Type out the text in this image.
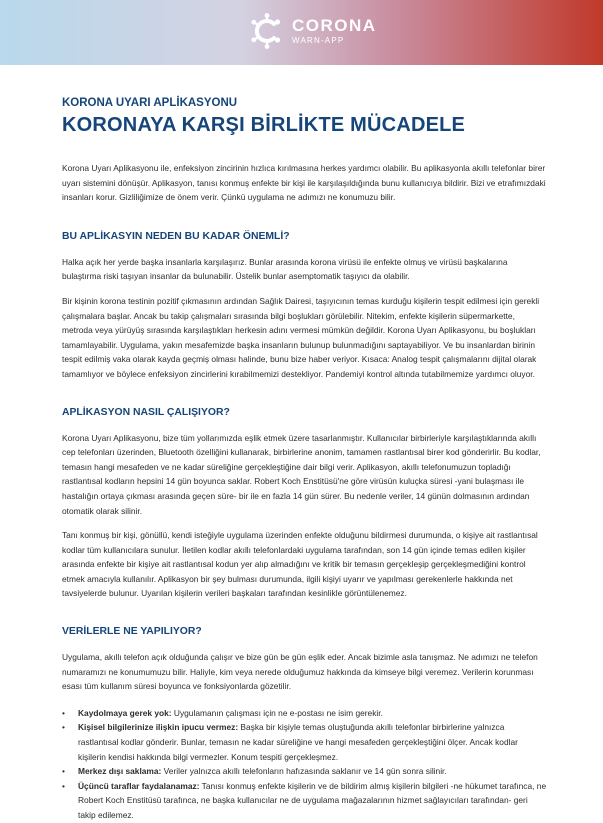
CORONA
WARN-APP
KORONA UYARI APLİKASYONU
KORONAYA KARŞI BİRLİKTE MÜCADELE

Korona Uyarı Aplikasyonu ile, enfeksiyon zincirinin hızlıca kırılmasına herkes yardımcı olabilir. Bu aplikasyonla akıllı telefonlar birer uyarı sistemini dönüşür. Aplikasyon, tanısı konmuş enfekte bir kişi ile karşılaşıldığında bunu kullanıcıya bildirir. Bizi ve etrafımızdaki insanları korur. Gizliliğimize de önem verir. Çünkü uygulama ne adımızı ne konumuzu bilir.

BU APLİKASYIN NEDEN BU KADAR ÖNEMLİ?

Halka açık her yerde başka insanlarla karşılaşırız. Bunlar arasında korona virüsü ile enfekte olmuş ve virüsü başkalarına bulaştırma riski taşıyan insanlar da bulunabilir. Üstelik bunlar asemptomatik taşıyıcı da olabilir.

Bir kişinin korona testinin pozitif çıkmasının ardından Sağlık Dairesi, taşıyıcının temas kurduğu kişilerin tespit edilmesi için gerekli çalışmalara başlar. Ancak bu takip çalışmaları sırasında bilgi boşlukları görülebilir. Nitekim, enfekte kişilerin süpermarkette, metroda veya yürüyüş sırasında karşılaştıkları herkesin adını vermesi mümkün değildir. Korona Uyarı Aplikasyonu, bu boşlukları tamamlayabilir. Uygulama, yakın mesafemizde başka insanların bulunup bulunmadığını saptayabiliyor. Ve bu insanlardan birinin tespit edilmiş vaka olarak kayda geçmiş olması halinde, bunu bize haber veriyor. Kısaca: Analog tespit çalışmalarını dijital olarak tamamlıyor ve böylece enfeksiyon zincirlerini kırabilmemizi destekliyor. Pandemiyi kontrol altında tutabilmemize yardımcı oluyor.

APLİKASYON NASIL ÇALIŞIYOR?

Korona Uyarı Aplikasyonu, bize tüm yollarımızda eşlik etmek üzere tasarlanmıştır. Kullanıcılar birbirleriyle karşılaştıklarında akıllı cep telefonları üzerinden, Bluetooth özelliğini kullanarak, birbirlerine anonim, tamamen rastlantısal birer kod gönderirlir. Bu kodlar, temasın hangi mesafeden ve ne kadar süreliğine gerçekleştiğine dair bilgi verir. Aplikasyon, akıllı telefonumuzun topladığı rastlantısal kodların hepsini 14 gün boyunca saklar. Robert Koch Enstitüsü'ne göre virüsün kuluçka süresi -yani bulaşması ile hastalığın ortaya çıkması arasında geçen süre- bir ile en fazla 14 gün sürer. Bu nedenle veriler, 14 günün dolmasının ardından otomatik olarak silinir.

Tanı konmuş bir kişi, gönüllü, kendi isteğiyle uygulama üzerinden enfekte olduğunu bildirmesi durumunda, o kişiye ait rastlantısal kodlar tüm kullanıcılara sunulur. İletilen kodlar akıllı telefonlardaki uygulama tarafından, son 14 gün içinde temas edilen kişiler arasında enfekte bir kişiye ait rastlantısal kodun yer alıp almadığını ve kritik bir temasın gerçekleşip gerçekleşmediğini kontrol etmek amacıyla kullanılır. Aplikasyon bir şey bulması durumunda, ilgili kişiyi uyarır ve yapılması gerekenlerle hakkında net tavsiyelerde bulunur. Uyarılan kişilerin verileri başkaları tarafından kesinlikle görüntülenemez.

VERİLERLE NE YAPILIYOR?

Uygulama, akıllı telefon açık olduğunda çalışır ve bize gün be gün eşlik eder. Ancak bizimle asla tanışmaz. Ne adımızı ne telefon numaramızı ne konumumuzu bilir. Haliyle, kim veya nerede olduğumuz hakkında da kimseye bilgi veremez. Verilerin korunması esası tüm kullanım süresi boyunca ve fonksiyonlarda gözetilir.

• Kaydolmaya gerek yok: Uygulamanın çalışması için ne e-postası ne isim gerekir.
• Kişisel bilgilerinize ilişkin ipucu vermez: Başka bir kişiyle temas oluştuğunda akıllı telefonlar birbirlerine yalnızca rastlantısal kodlar gönderir. Bunlar, temasın ne kadar süreliğine ve hangi mesafeden gerçekleştiğini ölçer. Ancak kodlar kişilerin kendisi hakkında bilgi vermezler. Konum tespiti gerçekleşmez.
• Merkez dışı saklama: Veriler yalnızca akıllı telefonların hafızasında saklanır ve 14 gün sonra silinir.
• Üçüncü taraflar faydalanamaz: Tanısı konmuş enfekte kişilerin ve de bildirim almış kişilerin bilgileri -ne hükumet tarafınca, ne Robert Koch Enstitüsü tarafınca, ne başka kullanıcılar ne de uygulama mağazalarının hizmet sağlayıcıları tarafından- geri takip edilemez.
